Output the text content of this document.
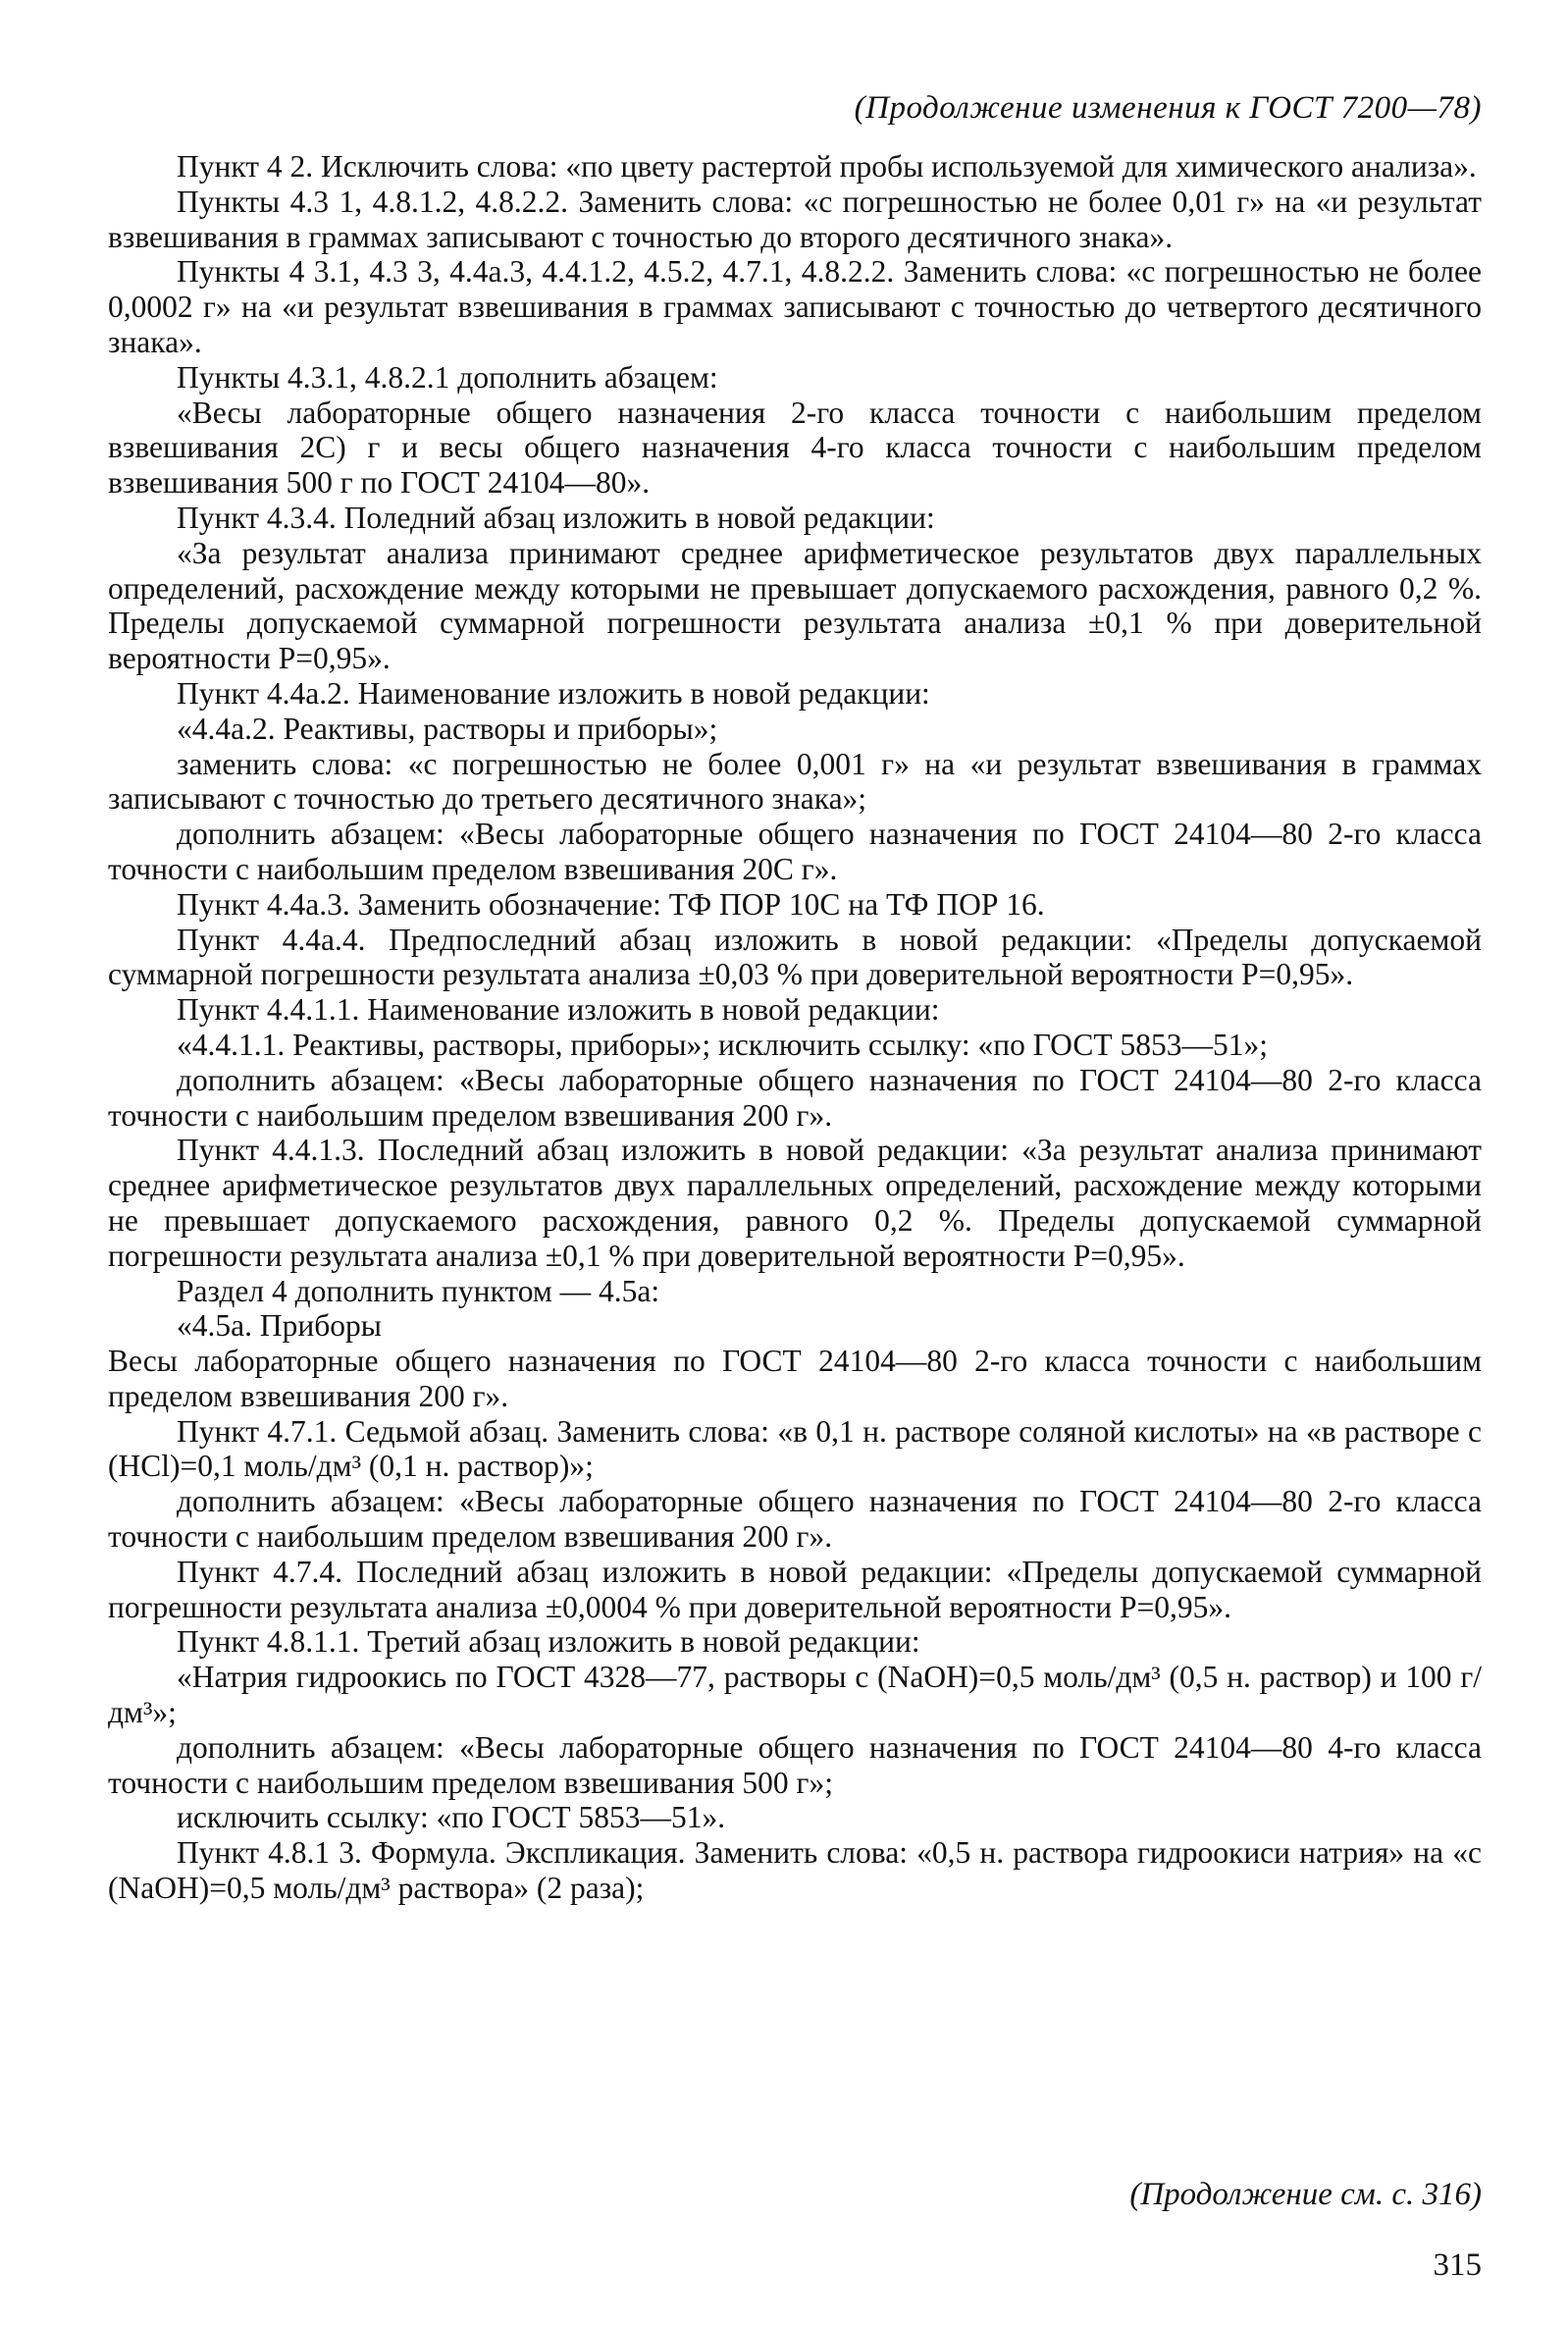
(Продолжение изменения к ГОСТ 7200—78)

Пункт 4 2. Исключить слова: «по цвету растертой пробы используемой для химического анализа».

Пункты 4.3 1, 4.8.1.2, 4.8.2.2. Заменить слова: «с погрешностью не более 0,01 г» на «и результат взвешивания в граммах записывают с точностью до второго десятичного знака».

Пункты 4 3.1, 4.3 3, 4.4а.3, 4.4.1.2, 4.5.2, 4.7.1, 4.8.2.2. Заменить слова: «с погрешностью не более 0,0002 г» на «и результат взвешивания в граммах записывают с точностью до четвертого десятичного знака».

Пункты 4.3.1, 4.8.2.1 дополнить абзацем:

«Весы лабораторные общего назначения 2-го класса точности с наибольшим пределом взвешивания 2С) г и весы общего назначения 4-го класса точности с наибольшим пределом взвешивания 500 г по ГОСТ 24104—80».

Пункт 4.3.4. Поледний абзац изложить в новой редакции:

«За результат анализа принимают среднее арифметическое результатов двух параллельных определений, расхождение между которыми не превышает допускаемого расхождения, равного 0,2 %. Пределы допускаемой суммарной погрешности результата анализа ±0,1 % при доверительной вероятности Р=0,95».

Пункт 4.4а.2. Наименование изложить в новой редакции:

«4.4а.2. Реактивы, растворы и приборы»;

заменить слова: «с погрешностью не более 0,001 г» на «и результат взвешивания в граммах записывают с точностью до третьего десятичного знака»;

дополнить абзацем: «Весы лабораторные общего назначения по ГОСТ 24104—80 2-го класса точности с наибольшим пределом взвешивания 20С г».

Пункт 4.4а.3. Заменить обозначение: ТФ ПОР 10С на ТФ ПОР 16.

Пункт 4.4а.4. Предпоследний абзац изложить в новой редакции: «Пределы допускаемой суммарной погрешности результата анализа ±0,03 % при доверительной вероятности Р=0,95».

Пункт 4.4.1.1. Наименование изложить в новой редакции:

«4.4.1.1. Реактивы, растворы, приборы»; исключить ссылку: «по ГОСТ 5853—51»;

дополнить абзацем: «Весы лабораторные общего назначения по ГОСТ 24104—80 2-го класса точности с наибольшим пределом взвешивания 200 г».

Пункт 4.4.1.3. Последний абзац изложить в новой редакции: «За результат анализа принимают среднее арифметическое результатов двух параллельных определений, расхождение между которыми не превышает допускаемого расхождения, равного 0,2 %. Пределы допускаемой суммарной погрешности результата анализа ±0,1 % при доверительной вероятности Р=0,95».

Раздел 4 дополнить пунктом — 4.5а:

«4.5а. Приборы

Весы лабораторные общего назначения по ГОСТ 24104—80 2-го класса точности с наибольшим пределом взвешивания 200 г».

Пункт 4.7.1. Седьмой абзац. Заменить слова: «в 0,1 н. растворе соляной кислоты» на «в растворе с (НСl)=0,1 моль/дм³ (0,1 н. раствор)»;

дополнить абзацем: «Весы лабораторные общего назначения по ГОСТ 24104—80 2-го класса точности с наибольшим пределом взвешивания 200 г».

Пункт 4.7.4. Последний абзац изложить в новой редакции: «Пределы допускаемой суммарной погрешности результата анализа ±0,0004 % при доверительной вероятности Р=0,95».

Пункт 4.8.1.1. Третий абзац изложить в новой редакции:

«Натрия гидроокись по ГОСТ 4328—77, растворы с (NaOH)=0,5 моль/дм³ (0,5 н. раствор) и 100 г/дм³»;

дополнить абзацем: «Весы лабораторные общего назначения по ГОСТ 24104—80 4-го класса точности с наибольшим пределом взвешивания 500 г»;

исключить ссылку: «по ГОСТ 5853—51».

Пункт 4.8.1 3. Формула. Экспликация. Заменить слова: «0,5 н. раствора гидроокиси натрия» на «с (NaOH)=0,5 моль/дм³ раствора» (2 раза);

(Продолжение см. с. 316)
315
